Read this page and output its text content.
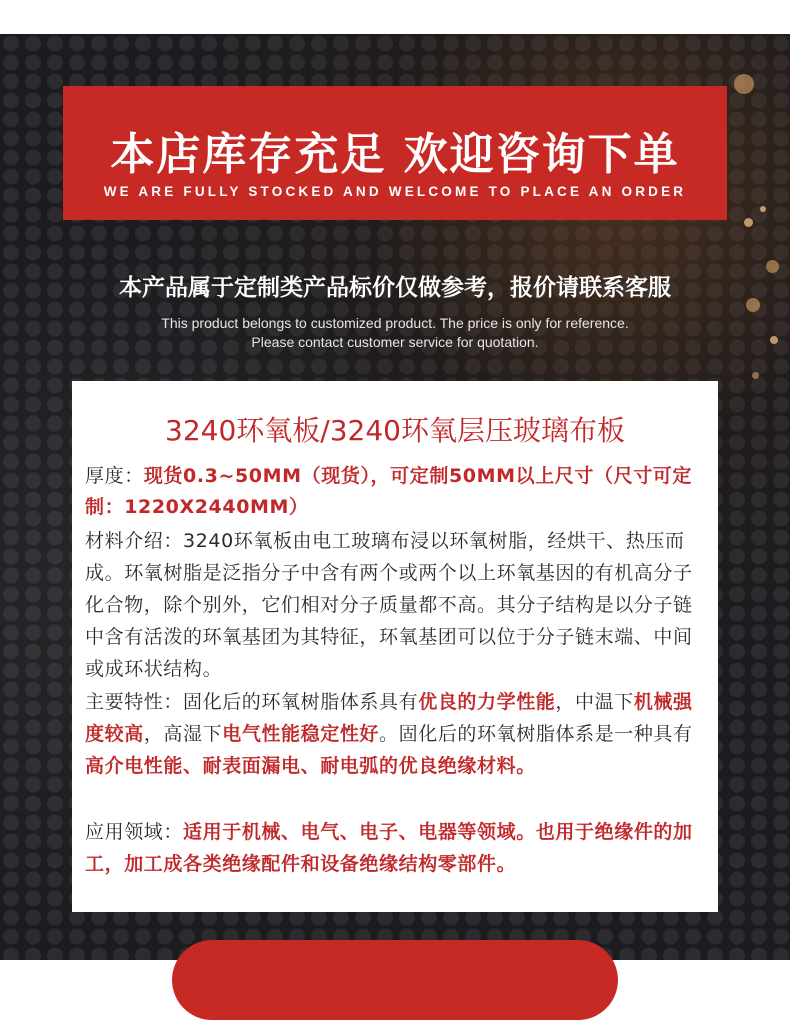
本店库存充足 欢迎咨询下单
WE ARE FULLY STOCKED AND WELCOME TO PLACE AN ORDER
本产品属于定制类产品标价仅做参考，报价请联系客服
This product belongs to customized product. The price is only for reference.
Please contact customer service for quotation.
3240环氧板/3240环氧层压玻璃布板
厚度：现货0.3~50MM（现货），可定制50MM以上尺寸（尺寸可定制：1220X2440MM）
材料介绍：3240环氧板由电工玻璃布浸以环氧树脂，经烘干、热压而成。环氧树脂是泛指分子中含有两个或两个以上环氧基因的有机高分子化合物，除个别外，它们相对分子质量都不高。其分子结构是以分子链中含有活泼的环氧基团为其特征，环氧基团可以位于分子链末端、中间或成环状结构。
主要特性：固化后的环氧树脂体系具有优良的力学性能，中温下机械强度较高，高湿下电气性能稳定性好。固化后的环氧树脂体系是一种具有高介电性能、耐表面漏电、耐电弧的优良绝缘材料。
应用领域：适用于机械、电气、电子、电器等领域。也用于绝缘件的加工，加工成各类绝缘配件和设备绝缘结构零部件。
